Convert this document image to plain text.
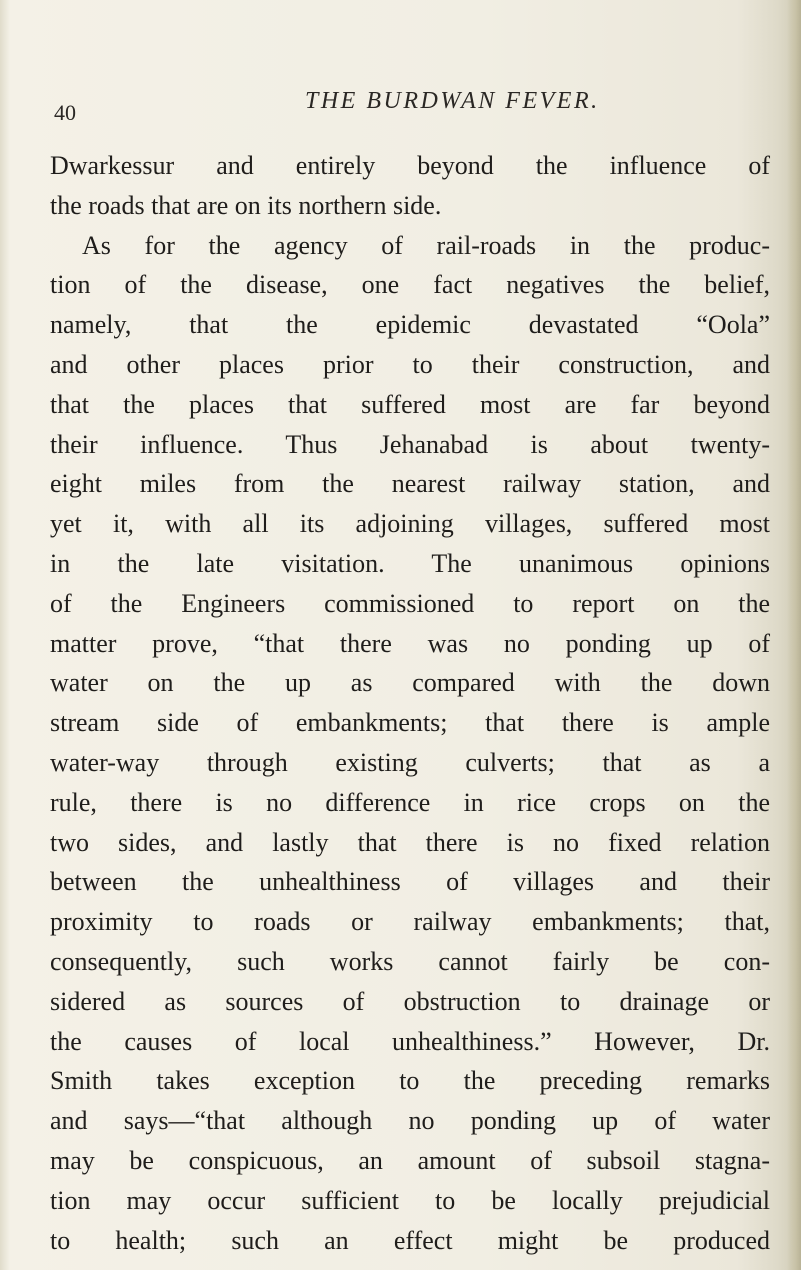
40	THE BURDWAN FEVER.
Dwarkessur and entirely beyond the influence of
the roads that are on its northern side.
As for the agency of rail-roads in the produc-
tion of the disease, one fact negatives the belief,
namely, that the epidemic devastated “Oola”
and other places prior to their construction, and
that the places that suffered most are far beyond
their influence. Thus Jehanabad is about twenty-
eight miles from the nearest railway station, and
yet it, with all its adjoining villages, suffered most
in the late visitation. The unanimous opinions
of the Engineers commissioned to report on the
matter prove, “that there was no ponding up of
water on the up as compared with the down
stream side of embankments; that there is ample
water-way through existing culverts; that as a
rule, there is no difference in rice crops on the
two sides, and lastly that there is no fixed relation
between the unhealthiness of villages and their
proximity to roads or railway embankments; that,
consequently, such works cannot fairly be con-
sidered as sources of obstruction to drainage or
the causes of local unhealthiness.” However, Dr.
Smith takes exception to the preceding remarks
and says—“that although no ponding up of water
may be conspicuous, an amount of subsoil stagna-
tion may occur sufficient to be locally prejudicial
to health; such an effect might be produced
